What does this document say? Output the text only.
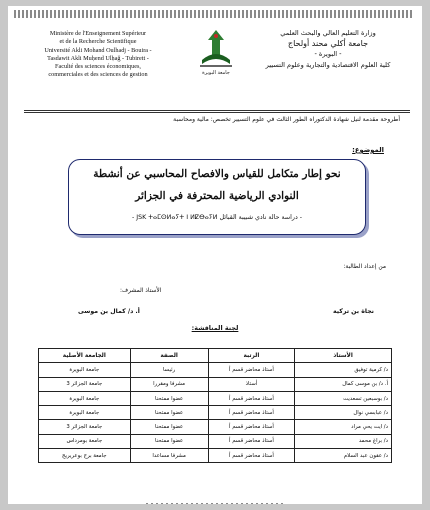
Ministère de l'Enseignement Supérieur
et de la Recherche Scientifique
Université Akli Mohand Oulhadj - Bouira -
Tasdawit Akli Muḥend Ulḥaǧ - Tubirett -
Faculté des sciences économiques,
commerciales et des sciences de gestion	جامعة البويرة
وزارة التعليم العالي والبحث العلمي
جامعة أكلي محند أولحاج
- البويرة -
كلية العلوم الاقتصادية والتجارية وعلوم التسيير
أطروحة مقدمة لنيل شهادة الدكتوراه الطور الثالث في علوم التسيير تخصص: مالية ومحاسبة
الموضوع:
نحو إطار متكامل للقياس والافصاح المحاسبي عن أنشطة
النوادي الرياضية المحترفة في الجزائر
- دراسة حالة نادي شبيبة القبائل JSK ⵜⴰⵎⵙⵍⴰⵢⵜ ⵏ ⵍⵇⴱⴰⵢⵍ -
من إعداد الطالبة:
الأستاذ المشرف:
نجاة بن تركية
أ. د/ كمال بن موسى
لجنة المناقشة:
الأستاذ	الرتبة	الصفة	الجامعة الأصلية
د/ كرمية توفيق	أستاذ محاضر قسم أ	رئيسا	جامعة البويرة
أ. د/ بن موسى كمال	أستاذ	مشرفا ومقررا	جامعة الجزائر 3
د/ بوسبعين تسعديت	أستاذ محاضر قسم أ	عضوا ممتحنا	جامعة البويرة
د/ عبابسي نوال	أستاذ محاضر قسم أ	عضوا ممتحنا	جامعة البويرة
د/ ايت يحي مراد	أستاذ محاضر قسم أ	عضوا ممتحنا	جامعة الجزائر 3
د/ براغ محمد	أستاذ محاضر قسم أ	عضوا ممتحنا	جامعة بومرداس
د/ عقون عبد السلام	أستاذ محاضر قسم أ	مشرفا مساعدا	جامعة برج بوعريريج
